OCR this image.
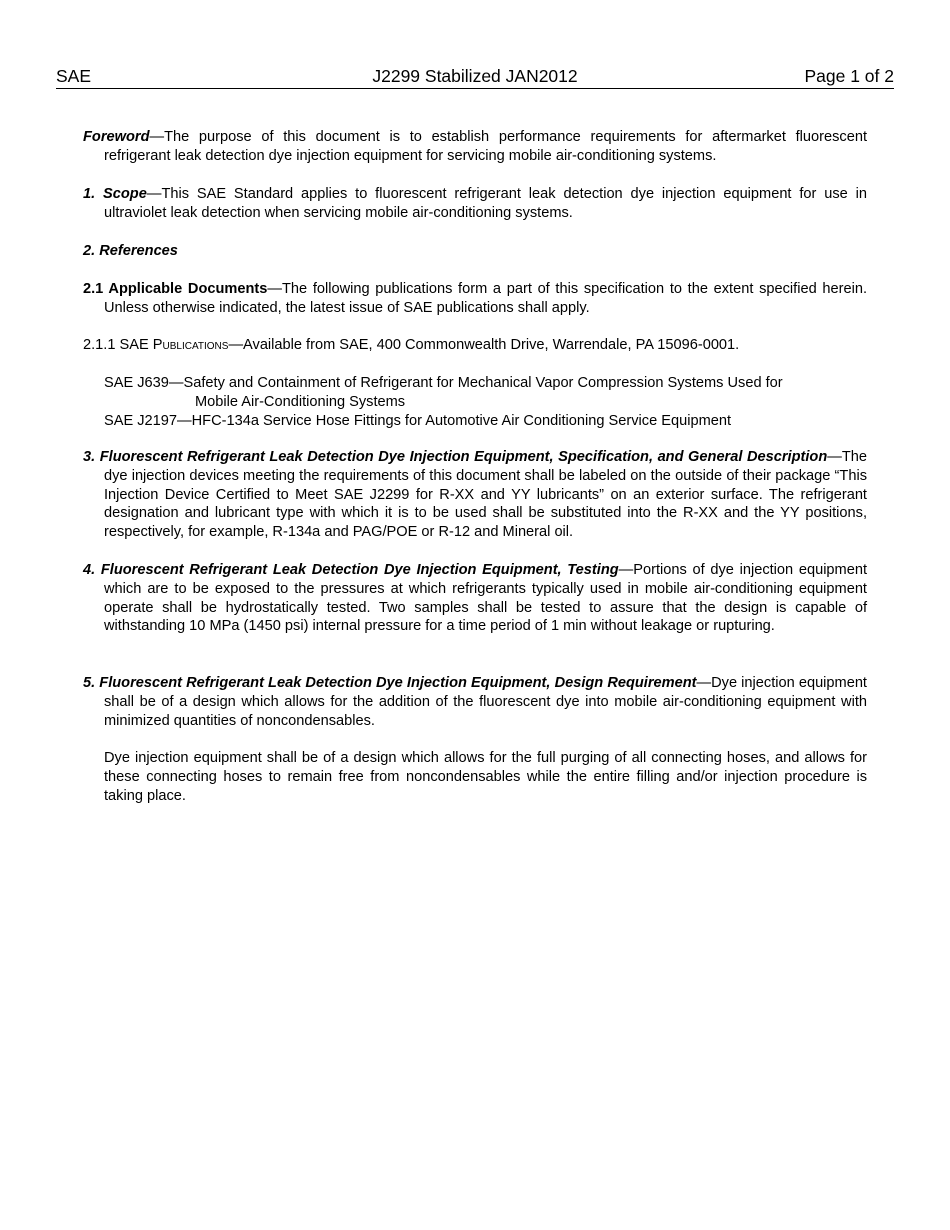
SAE	J2299 Stabilized JAN2012	Page 1 of 2
Foreword—The purpose of this document is to establish performance requirements for aftermarket fluorescent refrigerant leak detection dye injection equipment for servicing mobile air-conditioning systems.
1. Scope—This SAE Standard applies to fluorescent refrigerant leak detection dye injection equipment for use in ultraviolet leak detection when servicing mobile air-conditioning systems.
2. References
2.1 Applicable Documents—The following publications form a part of this specification to the extent specified herein. Unless otherwise indicated, the latest issue of SAE publications shall apply.
2.1.1 SAE Publications—Available from SAE, 400 Commonwealth Drive, Warrendale, PA 15096-0001.
SAE J639—Safety and Containment of Refrigerant for Mechanical Vapor Compression Systems Used for
Mobile Air-Conditioning Systems
SAE J2197—HFC-134a Service Hose Fittings for Automotive Air Conditioning Service Equipment
3. Fluorescent Refrigerant Leak Detection Dye Injection Equipment, Specification, and General Description—The dye injection devices meeting the requirements of this document shall be labeled on the outside of their package “This Injection Device Certified to Meet SAE J2299 for R-XX and YY lubricants” on an exterior surface. The refrigerant designation and lubricant type with which it is to be used shall be substituted into the R-XX and the YY positions, respectively, for example, R-134a and PAG/POE or R-12 and Mineral oil.
4. Fluorescent Refrigerant Leak Detection Dye Injection Equipment, Testing—Portions of dye injection equipment which are to be exposed to the pressures at which refrigerants typically used in mobile air-conditioning equipment operate shall be hydrostatically tested. Two samples shall be tested to assure that the design is capable of withstanding 10 MPa (1450 psi) internal pressure for a time period of 1 min without leakage or rupturing.
5. Fluorescent Refrigerant Leak Detection Dye Injection Equipment, Design Requirement—Dye injection equipment shall be of a design which allows for the addition of the fluorescent dye into mobile air-conditioning equipment with minimized quantities of noncondensables.
Dye injection equipment shall be of a design which allows for the full purging of all connecting hoses, and allows for these connecting hoses to remain free from noncondensables while the entire filling and/or injection procedure is taking place.
